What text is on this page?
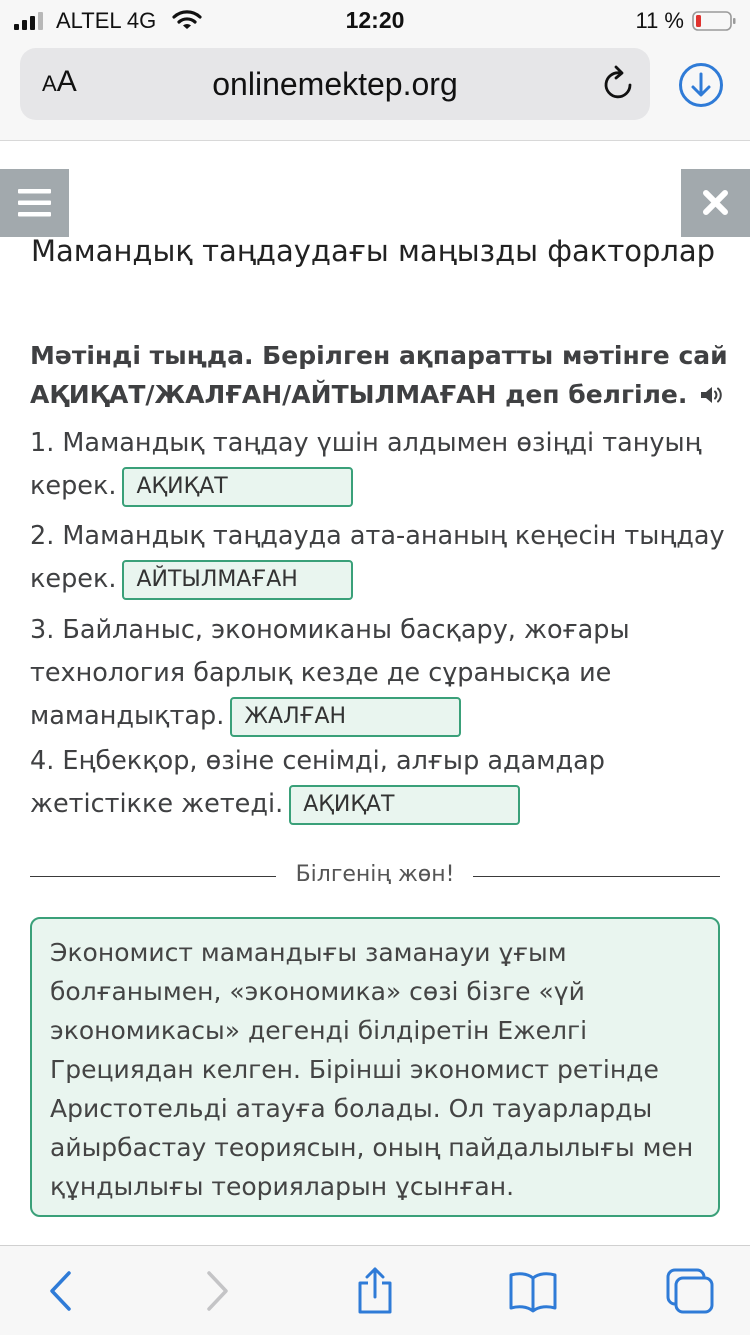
ALTEL 4G	12:20	11 %
AA	onlinemektep.org
Мамандық таңдаудағы маңызды факторлар
Мәтінді тыңда. Берілген ақпаратты мәтінге сай АҚИҚАТ/ЖАЛҒАН/АЙТЫЛМАҒАН деп белгіле.
1. Мамандық таңдау үшін алдымен өзіңді тануың керек. АҚИҚАТ
2. Мамандық таңдауда ата-ананың кеңесін тыңдау керек. АЙТЫЛМАҒАН
3. Байланыс, экономиканы басқару, жоғары технология барлық кезде де сұранысқа ие мамандықтар. ЖАЛҒАН
4. Еңбекқор, өзіне сенімді, алғыр адамдар жетістікке жетеді. АҚИҚАТ
Білгенің жөн!
Экономист мамандығы заманауи ұғым болғанымен, «экономика» сөзі бізге «үй экономикасы» дегенді білдіретін Ежелгі Грециядан келген. Бірінші экономист ретінде Аристотельді атауға болады. Ол тауарларды айырбастау теориясын, оның пайдалылығы мен құндылығы теорияларын ұсынған.
